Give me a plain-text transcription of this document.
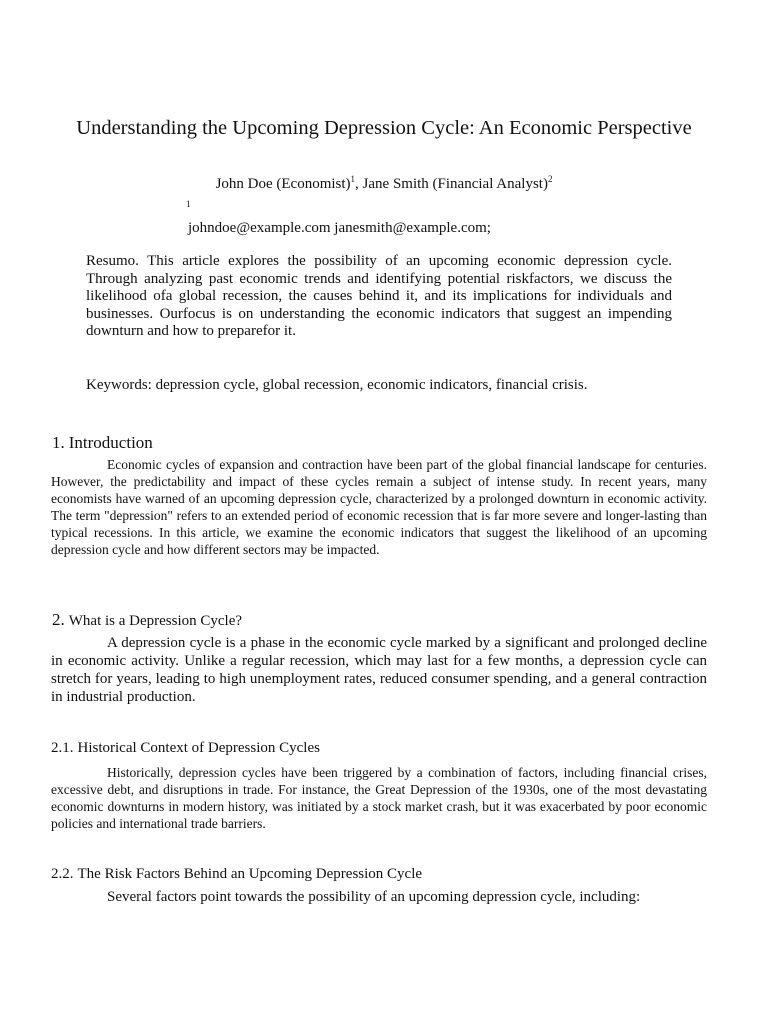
Understanding the Upcoming Depression Cycle: An Economic Perspective
John Doe (Economist)$^1$, Jane Smith (Financial Analyst)$^2$
1
johndoe@example.com janesmith@example.com;

Resumo. This article explores the possibility of an upcoming economic depression cycle. Through analyzing past economic trends and identifying potential riskfactors, we discuss the likelihood ofa global recession, the causes behind it, and its implications for individuals and businesses. Ourfocus is on understanding the economic indicators that suggest an impending downturn and how to preparefor it.

Keywords: depression cycle, global recession, economic indicators, financial crisis.

1. Introduction

Economic cycles of expansion and contraction have been part of the global financial landscape for centuries. However, the predictability and impact of these cycles remain a subject of intense study. In recent years, many economists have warned of an upcoming depression cycle, characterized by a prolonged downturn in economic activity. The term "depression" refers to an extended period of economic recession that is far more severe and longer-lasting than typical recessions. In this article, we examine the economic indicators that suggest the likelihood of an upcoming depression cycle and how different sectors may be impacted.

2. What is a Depression Cycle?

A depression cycle is a phase in the economic cycle marked by a significant and prolonged decline in economic activity. Unlike a regular recession, which may last for a few months, a depression cycle can stretch for years, leading to high unemployment rates, reduced consumer spending, and a general contraction in industrial production.

2.1. Historical Context of Depression Cycles

Historically, depression cycles have been triggered by a combination of factors, including financial crises, excessive debt, and disruptions in trade. For instance, the Great Depression of the 1930s, one of the most devastating economic downturns in modern history, was initiated by a stock market crash, but it was exacerbated by poor economic policies and international trade barriers.

2.2. The Risk Factors Behind an Upcoming Depression Cycle

Several factors point towards the possibility of an upcoming depression cycle, including:
